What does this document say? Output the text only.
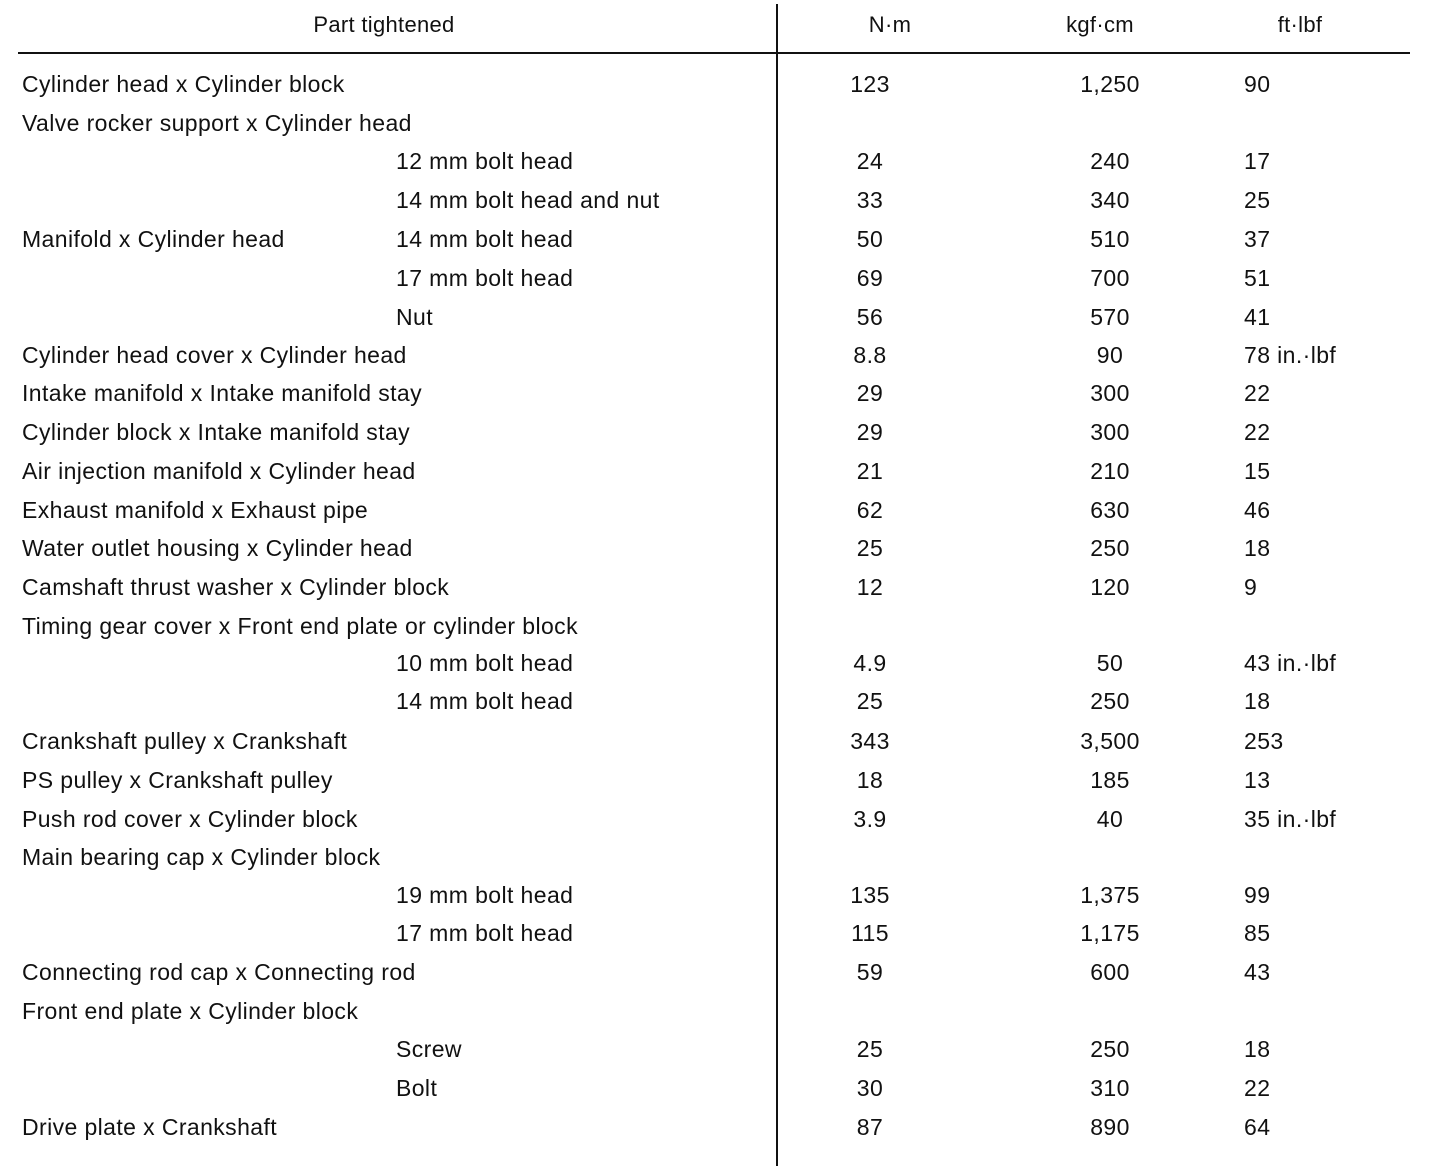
Part tightened	N·m	kgf·cm	ft·lbf
Cylinder head x Cylinder block	123	1,250	90
Valve rocker support x Cylinder head
12 mm bolt head	24	240	17
14 mm bolt head and nut	33	340	25
Manifold x Cylinder head	14 mm bolt head	50	510	37
17 mm bolt head	69	700	51
Nut	56	570	41
Cylinder head cover x Cylinder head	8.8	90	78 in.·lbf
Intake manifold x Intake manifold stay	29	300	22
Cylinder block x Intake manifold stay	29	300	22
Air injection manifold x Cylinder head	21	210	15
Exhaust manifold x Exhaust pipe	62	630	46
Water outlet housing x Cylinder head	25	250	18
Camshaft thrust washer x Cylinder block	12	120	9
Timing gear cover x Front end plate or cylinder block
10 mm bolt head	4.9	50	43 in.·lbf
14 mm bolt head	25	250	18
Crankshaft pulley x Crankshaft	343	3,500	253
PS pulley x Crankshaft pulley	18	185	13
Push rod cover x Cylinder block	3.9	40	35 in.·lbf
Main bearing cap x Cylinder block
19 mm bolt head	135	1,375	99
17 mm bolt head	115	1,175	85
Connecting rod cap x Connecting rod	59	600	43
Front end plate x Cylinder block
Screw	25	250	18
Bolt	30	310	22
Drive plate x Crankshaft	87	890	64
